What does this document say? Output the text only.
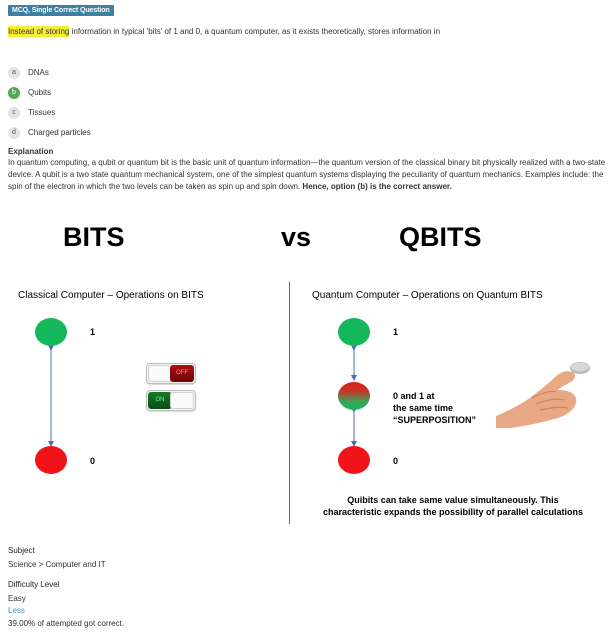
MCQ, Single Correct Question
Instead of storing information in typical 'bits' of 1 and 0, a quantum computer, as it exists theoretically, stores information in
a	DNAs
b	Qubits
c	Tissues
d	Charged particles
Explanation
In quantum computing, a qubit or quantum bit is the basic unit of quantum information—the quantum version of the classical binary bit physically realized with a two-state device. A qubit is a two state quantum mechanical system, one of the simplest quantum systems displaying the peculiarity of quantum mechanics. Examples include: the spin of the electron in which the two levels can be taken as spin up and spin down. Hence, option (b) is the correct answer.
BITS	vs	QBITS
Classical Computer – Operations on BITS	Quantum Computer – Operations on Quantum BITS
1
0
OFF
ON
1
0
0 and 1 at
the same time
“SUPERPOSITION”
Quibits can take same value simultaneously. This characteristic expands the possibility of parallel calculations
Subject
Science > Computer and IT
Difficulty Level
Easy
Less
39.00% of attempted got correct.
